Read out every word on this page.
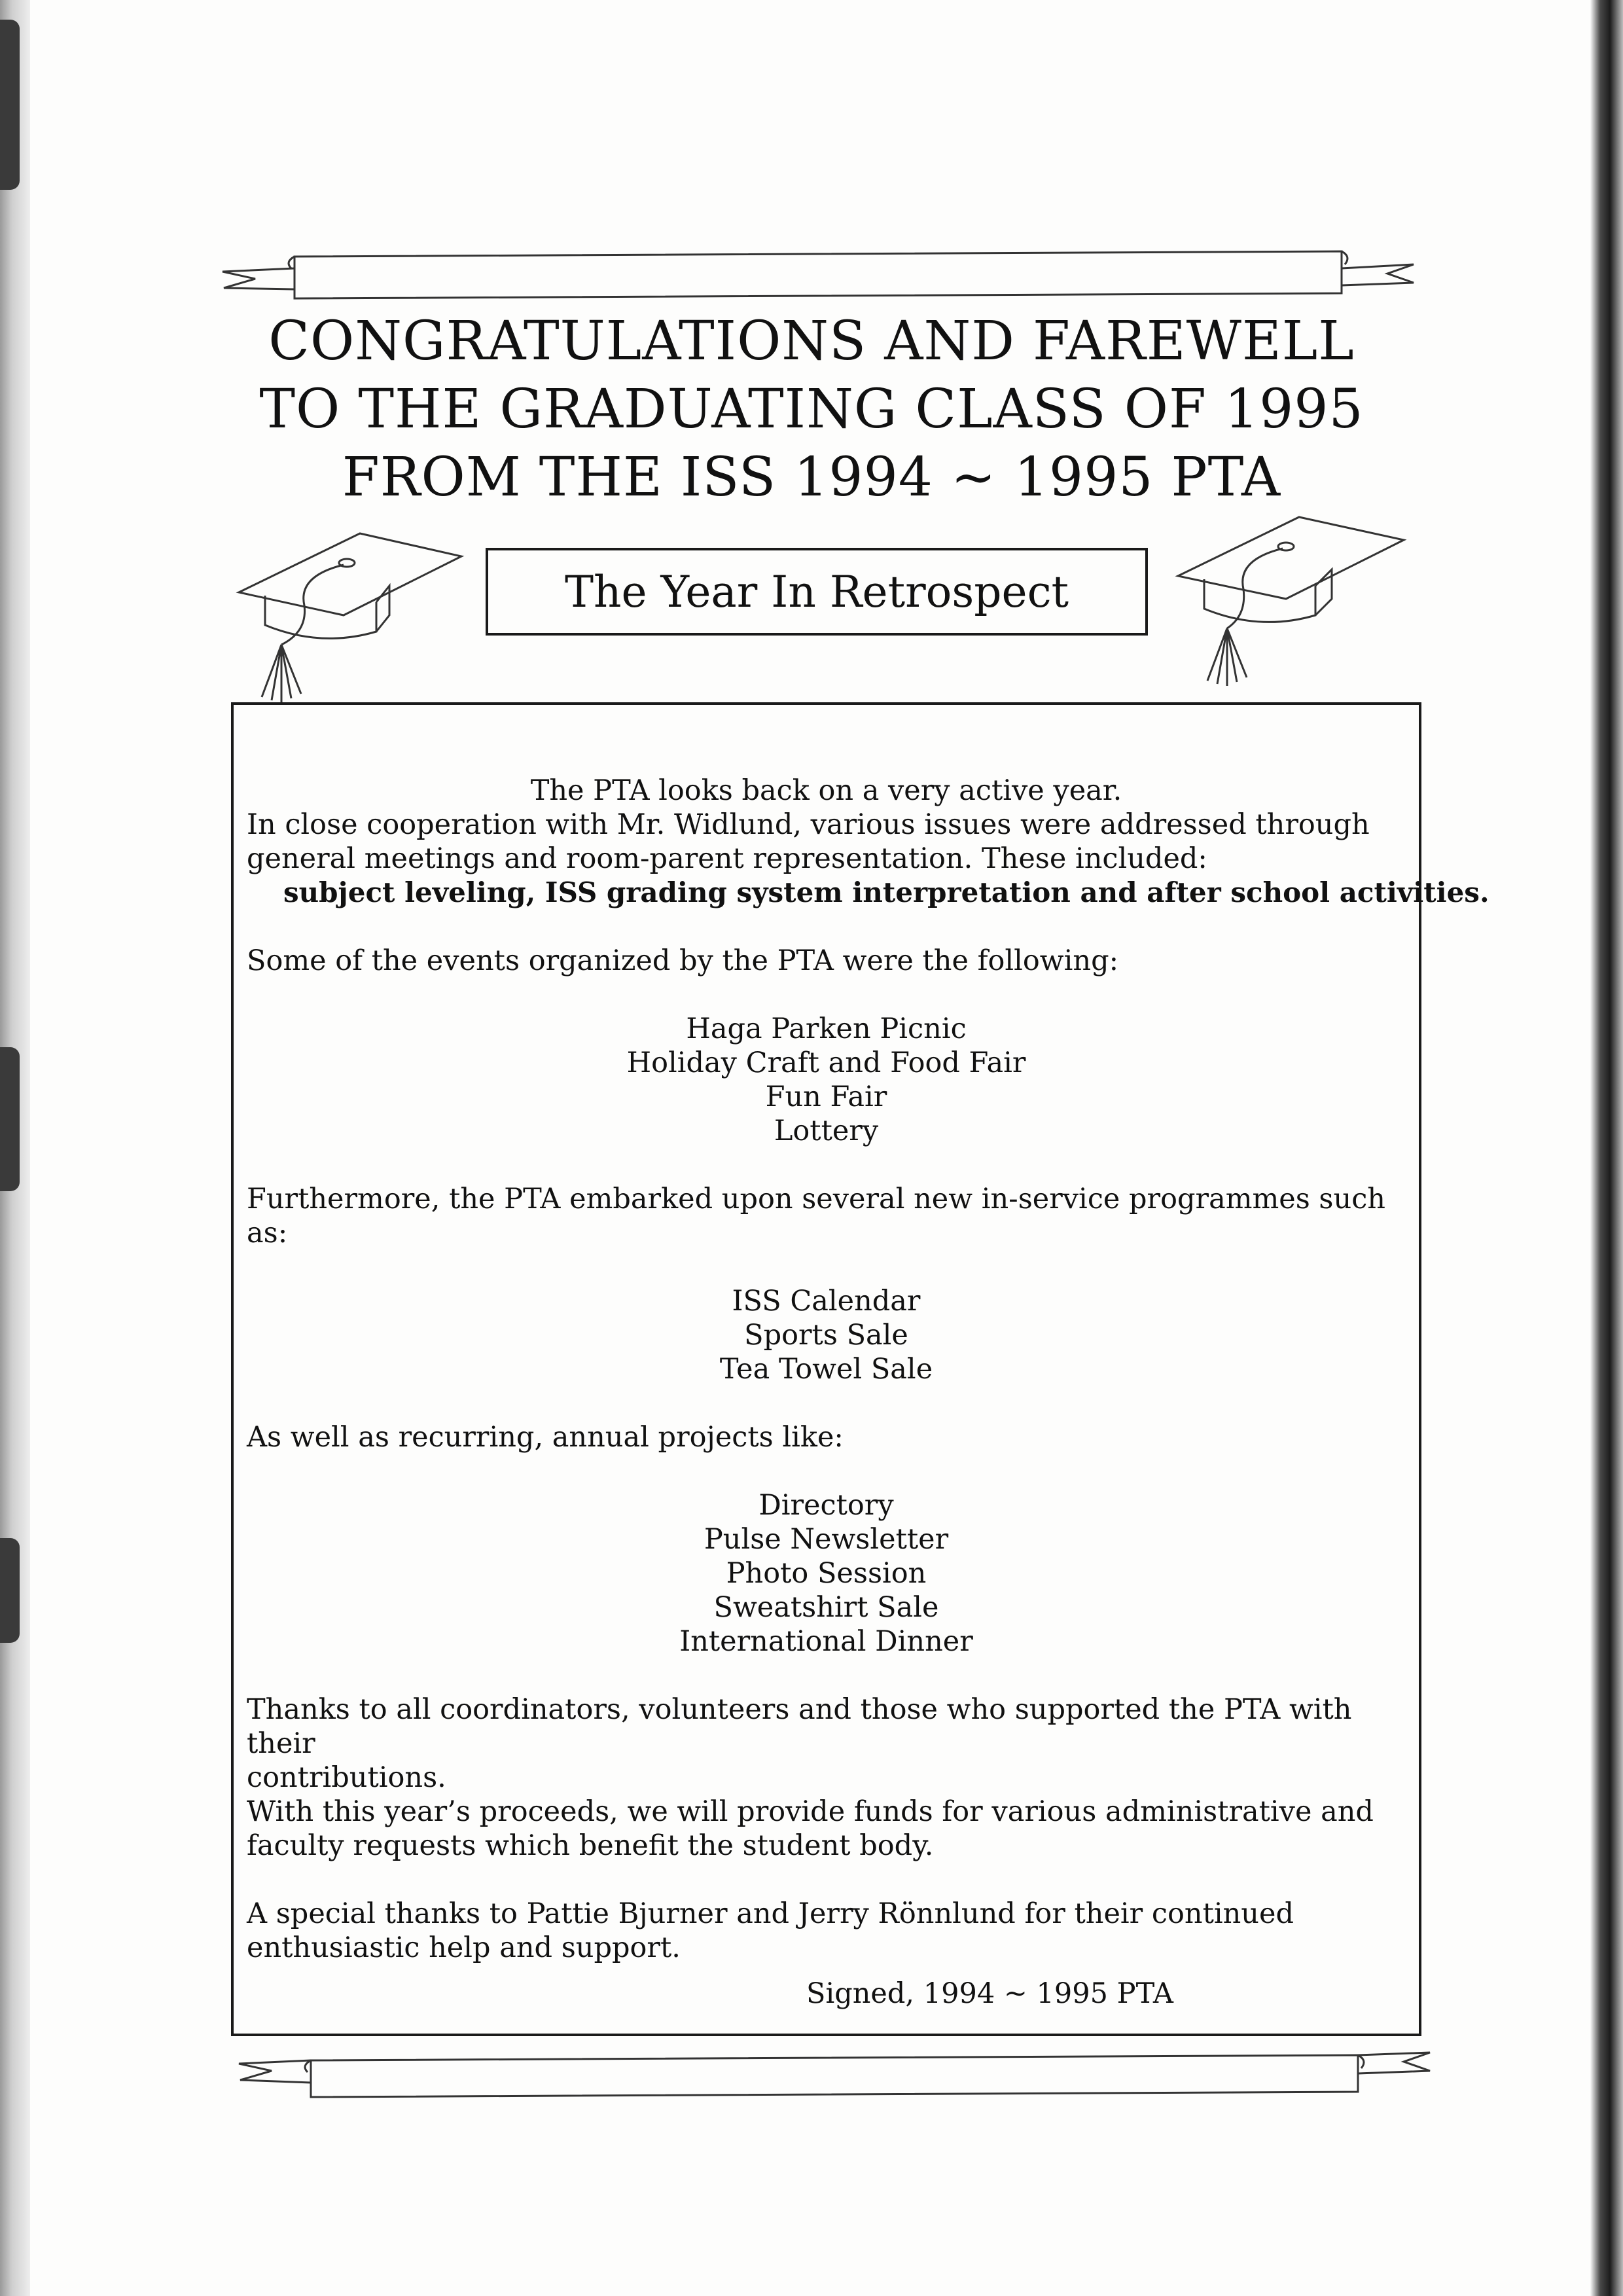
CONGRATULATIONS AND FAREWELL
TO THE GRADUATING CLASS OF 1995
FROM THE ISS 1994 ~ 1995 PTA
The Year In Retrospect
The PTA looks back on a very active year.
In close cooperation with Mr. Widlund, various issues were addressed through
general meetings and room-parent representation. These included:
subject leveling, ISS grading system interpretation and after school activities.
Some of the events organized by the PTA were the following:
Haga Parken Picnic
Holiday Craft and Food Fair
Fun Fair
Lottery
Furthermore, the PTA embarked upon several new in-service programmes such as:
ISS Calendar
Sports Sale
Tea Towel Sale
As well as recurring, annual projects like:
Directory
Pulse Newsletter
Photo Session
Sweatshirt Sale
International Dinner
Thanks to all coordinators, volunteers and those who supported the PTA with their
contributions.
With this year’s proceeds, we will provide funds for various administrative and
faculty requests which benefit the student body.
A special thanks to Pattie Bjurner and Jerry Rönnlund for their continued
enthusiastic help and support.
Signed, 1994 ~ 1995 PTA
